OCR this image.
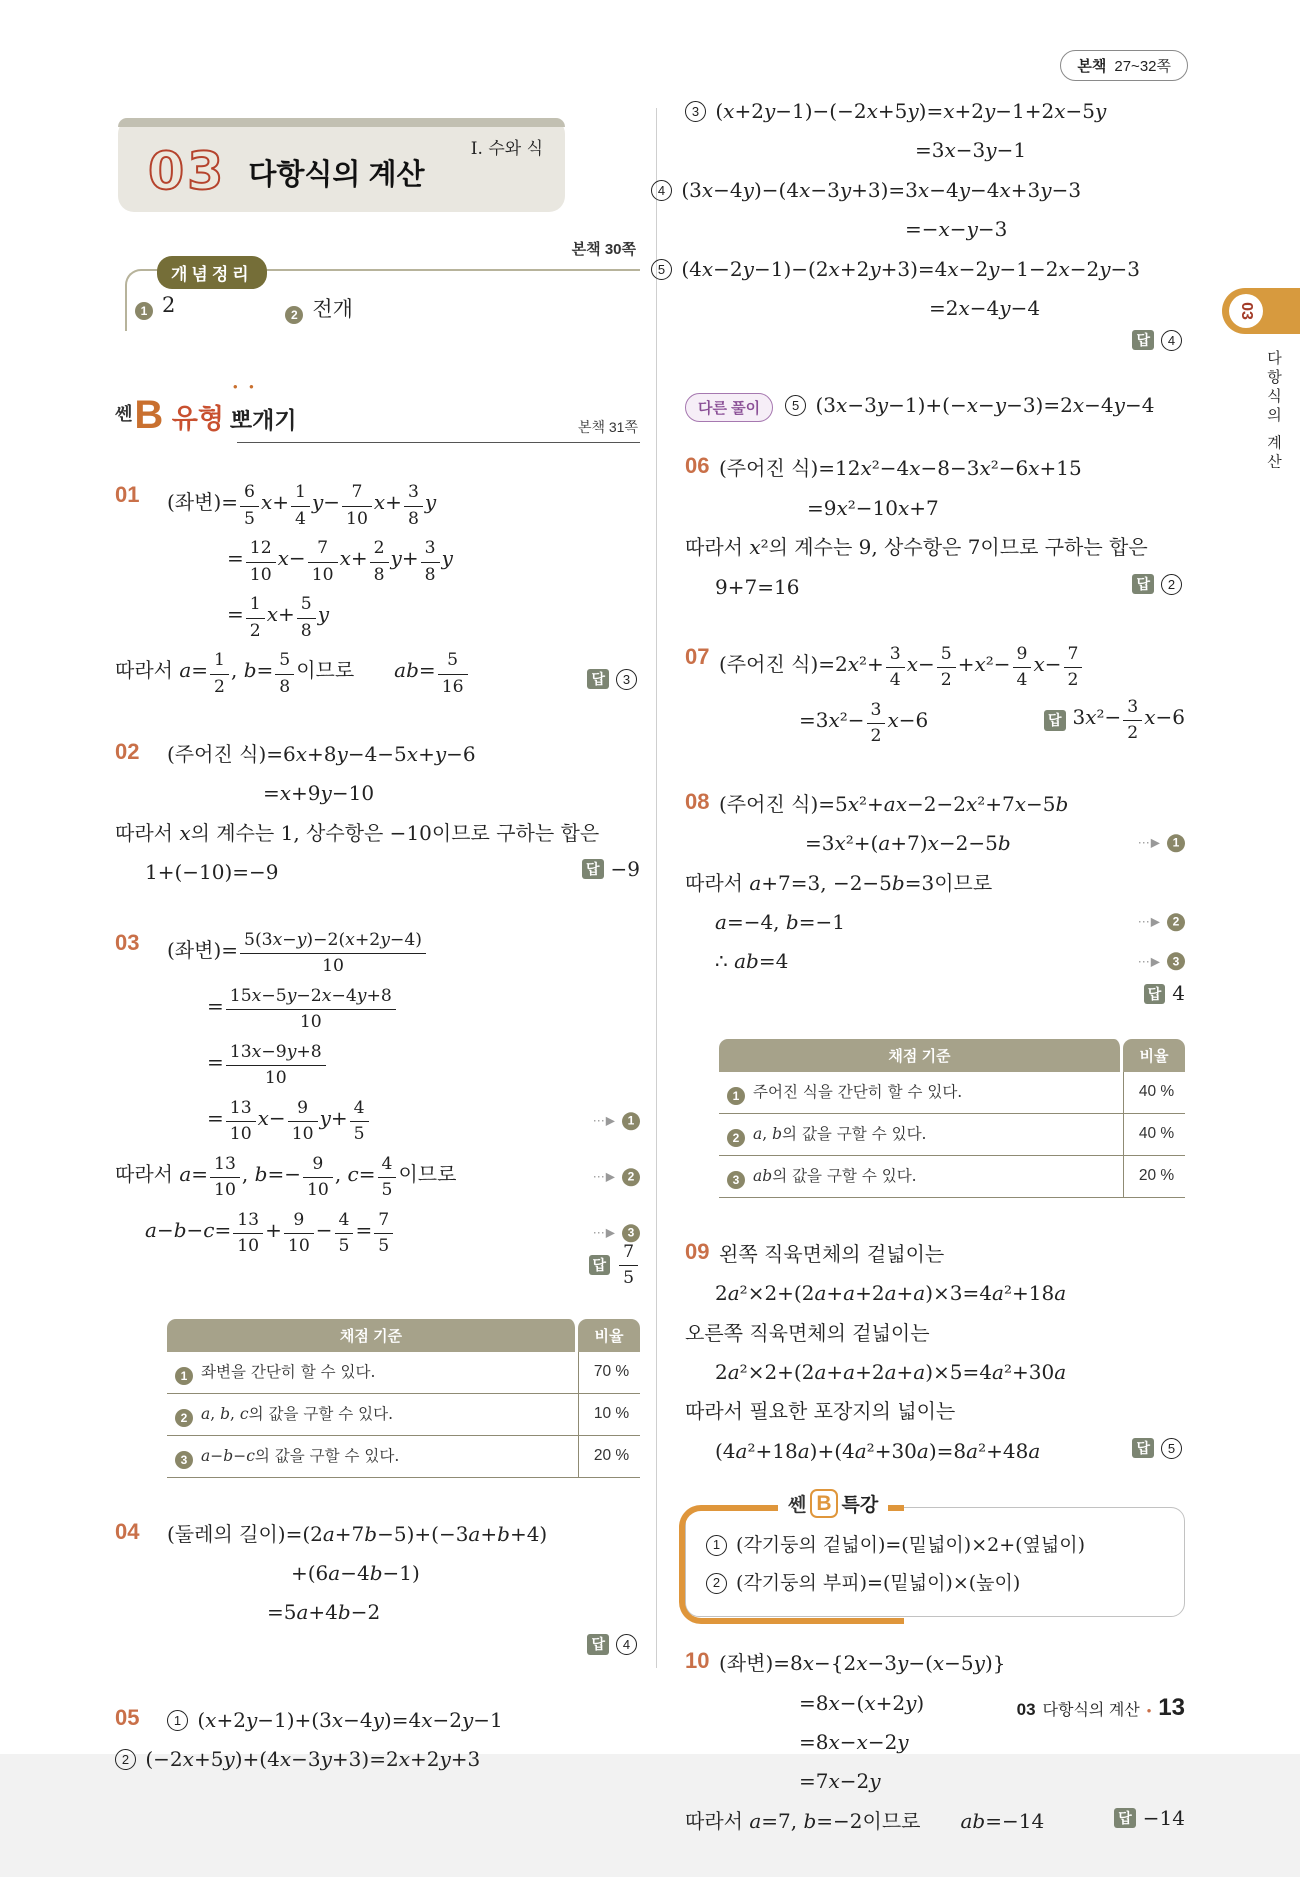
본책 27~32쪽
03
다항식의 계산
I. 수와 식
03 다항식의 계산
본책 30쪽
개념정리
1 2	2 전개
쎈B
• •
유형 뽀개기	본책 31쪽
01 (좌변)= $\frac{6}{5} x+ \frac{1}{4} y- \frac{7}{10} x+ \frac{3}{8}$ y
= $\frac{12}{10} x- \frac{7}{10} x+ \frac{2}{8} y+ \frac{3}{8}$ y
= $\frac{1}{2} x+ \frac{5}{8}$ y
따라서 $a= \frac{1}{2}$ , $b= \frac{5}{8}$ 이므로  $ab= \frac{5}{16}$	답	3
02 (주어진 식)=6x+8y−4−5x+y−6
=x+9y−10
따라서 x의 계수는 1, 상수항은 −10이므로 구하는 합은
1+(−10)=−9	답 −9
03 (좌변)= $\frac{5(3x-y)-2(x+2y-4)}{10}$
= $\frac{15x-5y-2x-4y+8}{10}$
= $\frac{13x-9y+8}{10}$
= $\frac{13}{10} x- \frac{9}{10} y+ \frac{4}{5}$	⋯▶ 1
따라서 $a= \frac{13}{10}$ , $b=- \frac{9}{10}$ , $c= \frac{4}{5}$ 이므로	⋯▶ 2
$a-b-c= \frac{13}{10} + \frac{9}{10} - \frac{4}{5} = \frac{7}{5}$	⋯▶ 3
답 $\frac{7}{5}$
채점 기준	비율
1 좌변을 간단히 할 수 있다.	70 %
2 a, b, c의 값을 구할 수 있다.	10 %
3 a−b−c의 값을 구할 수 있다.	20 %
04 (둘레의 길이)=(2a+7b−5)+(−3a+b+4)
+(6a−4b−1)
=5a+4b−2
답	4
05	1 (x+2y−1)+(3x−4y)=4x−2y−1
2 (−2x+5y)+(4x−3y+3)=2x+2y+3
3 (x+2y−1)−(−2x+5y)=x+2y−1+2x−5y
=3x−3y−1
4 (3x−4y)−(4x−3y+3)=3x−4y−4x+3y−3
=−x−y−3
5 (4x−2y−1)−(2x+2y+3)=4x−2y−1−2x−2y−3
=2x−4y−4
답	4
다른 풀이	5 (3x−3y−1)+(−x−y−3)=2x−4y−4
06 (주어진 식)=12x²−4x−8−3x²−6x+15
=9x²−10x+7
따라서 x²의 계수는 9, 상수항은 7이므로 구하는 합은
9+7=16	답	2
07 (주어진 식)$=2x^2+ \frac{3}{4} x- \frac{5}{2} +x^2- \frac{9}{4} x- \frac{7}{2}$
$=3x^2- \frac{3}{2} x-6$	답 $3x^2- \frac{3}{2} x-6$
08 (주어진 식)=5x²+ax−2−2x²+7x−5b
=3x²+(a+7)x−2−5b	⋯▶ 1
따라서 a+7=3, −2−5b=3이므로
a=−4, b=−1	⋯▶ 2
∴ ab=4	⋯▶ 3
답 4
채점 기준	비율
1 주어진 식을 간단히 할 수 있다.	40 %
2 a, b의 값을 구할 수 있다.	40 %
3 ab의 값을 구할 수 있다.	20 %
09 왼쪽 직육면체의 겉넓이는
2a²×2+(2a+a+2a+a)×3=4a²+18a
오른쪽 직육면체의 겉넓이는
2a²×2+(2a+a+2a+a)×5=4a²+30a
따라서 필요한 포장지의 넓이는
(4a²+18a)+(4a²+30a)=8a²+48a	답	5
쎈 B 특강
1 (각기둥의 겉넓이)=(밑넓이)×2+(옆넓이)
2 (각기둥의 부피)=(밑넓이)×(높이)
10 (좌변)=8x−{2x−3y−(x−5y)}
=8x−(x+2y)
=8x−x−2y
=7x−2y
따라서 a=7, b=−2이므로  ab=−14	답 −14
03 다항식의 계산 • 13
